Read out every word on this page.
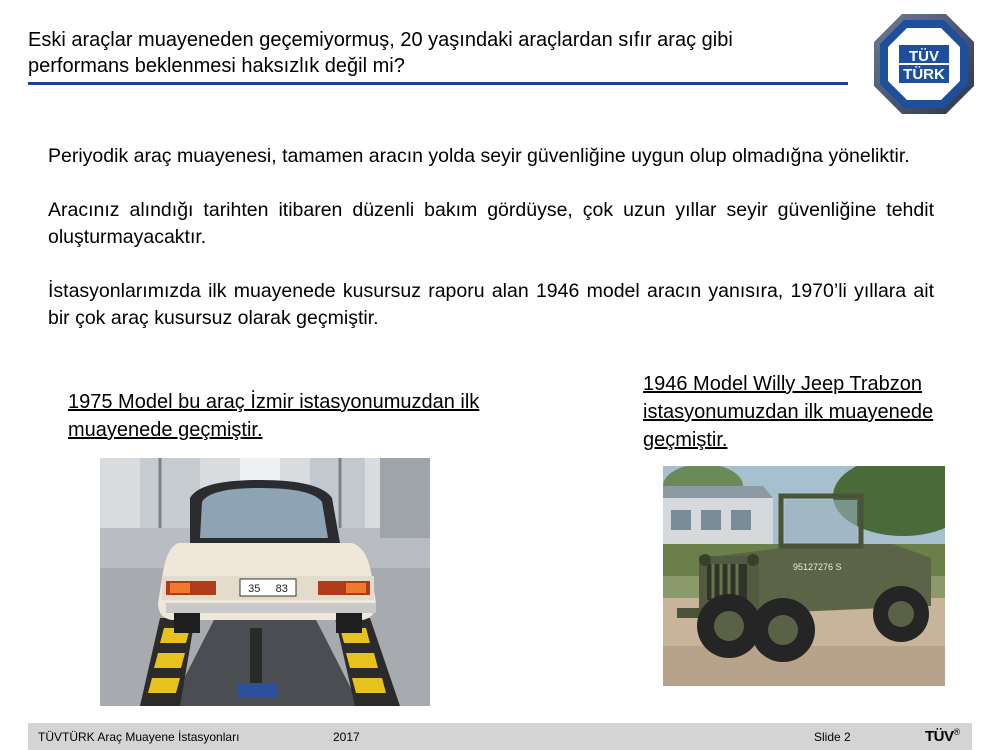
Eski araçlar muayeneden geçemiyormuş, 20 yaşındaki araçlardan sıfır araç gibi performans beklenmesi haksızlık değil mi?	TÜV
TÜRK

Periyodik araç muayenesi, tamamen aracın yolda seyir güvenliğine uygun olup olmadığna yöneliktir.

Aracınız alındığı tarihten itibaren düzenli bakım gördüyse, çok uzun yıllar seyir güvenliğine tehdit oluşturmayacaktır.

İstasyonlarımızda ilk muayenede kusursuz raporu alan 1946 model aracın yanısıra, 1970’li yıllara ait bir çok araç kusursuz olarak geçmiştir.

1975 Model bu araç İzmir istasyonumuzdan ilk muayenede geçmiştir.
1946 Model Willy Jeep Trabzon istasyonumuzdan ilk muayenede geçmiştir.
35     83
95127276 S
TÜVTÜRK Araç Muayene İstasyonları	2017	Slide 2	TÜV®
